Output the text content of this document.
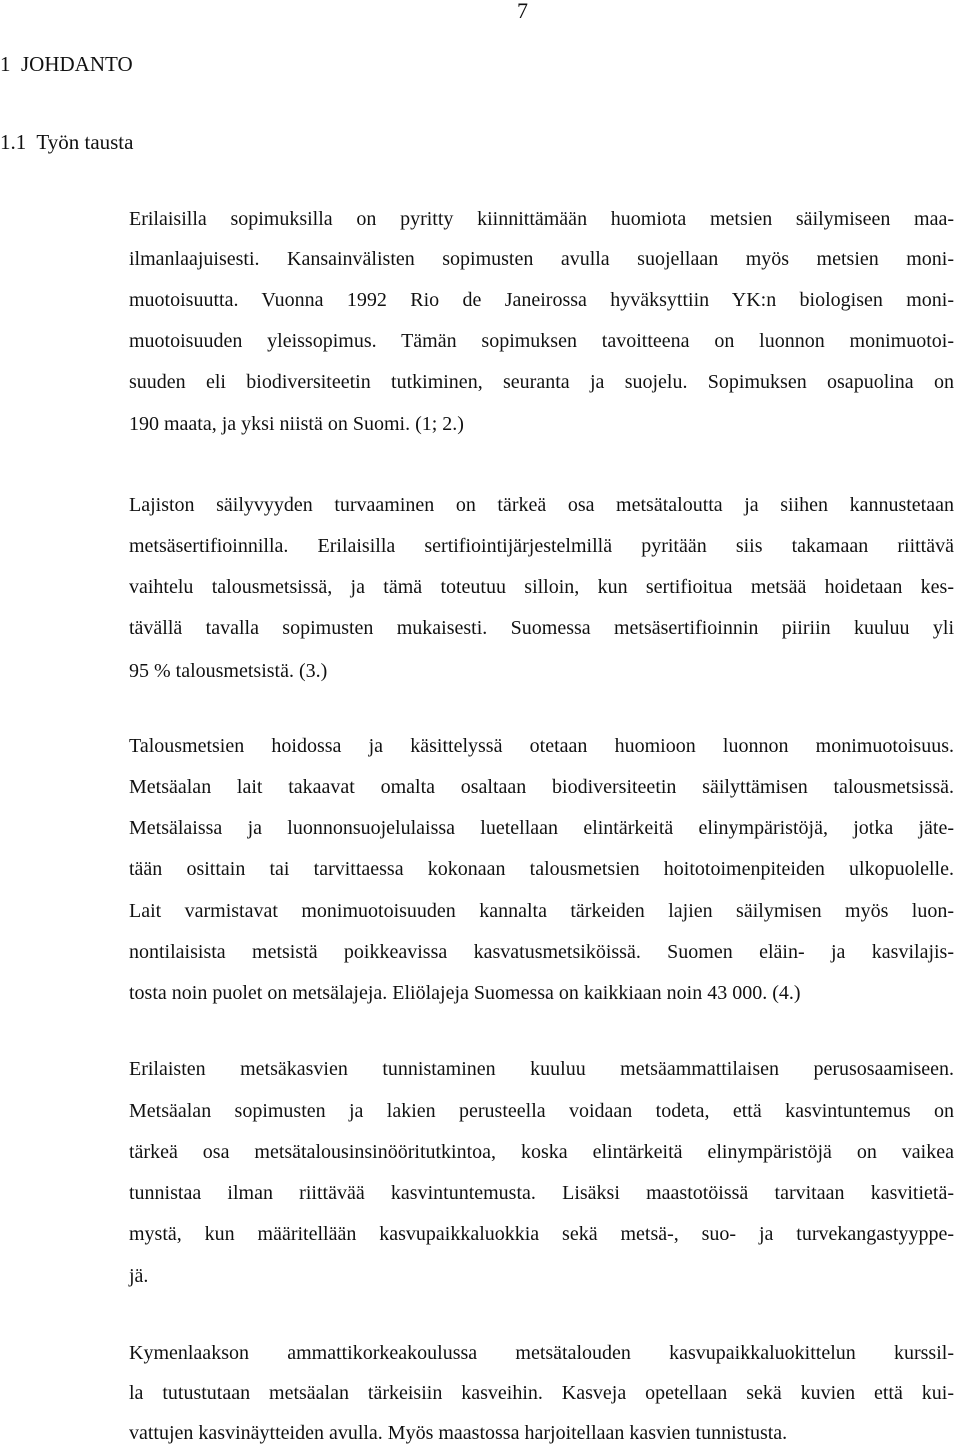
7
1  JOHDANTO
1.1  Työn tausta
Erilaisilla sopimuksilla on pyritty kiinnittämään huomiota metsien säilymiseen maa-
ilmanlaajuisesti. Kansainvälisten sopimusten avulla suojellaan myös metsien moni-
muotoisuutta. Vuonna 1992 Rio de Janeirossa hyväksyttiin YK:n biologisen moni-
muotoisuuden yleissopimus. Tämän sopimuksen tavoitteena on luonnon monimuotoi-
suuden eli biodiversiteetin tutkiminen, seuranta ja suojelu. Sopimuksen osapuolina on
190 maata, ja yksi niistä on Suomi. (1; 2.)
Lajiston säilyvyyden turvaaminen on tärkeä osa metsätaloutta ja siihen kannustetaan
metsäsertifioinnilla. Erilaisilla sertifiointijärjestelmillä pyritään siis takamaan riittävä
vaihtelu talousmetsissä, ja tämä toteutuu silloin, kun sertifioitua metsää hoidetaan kes-
tävällä tavalla sopimusten mukaisesti. Suomessa metsäsertifioinnin piiriin kuuluu yli
95 % talousmetsistä. (3.)
Talousmetsien hoidossa ja käsittelyssä otetaan huomioon luonnon monimuotoisuus.
Metsäalan lait takaavat omalta osaltaan biodiversiteetin säilyttämisen talousmetsissä.
Metsälaissa ja luonnonsuojelulaissa luetellaan elintärkeitä elinympäristöjä, jotka jäte-
tään osittain tai tarvittaessa kokonaan talousmetsien hoitotoimenpiteiden ulkopuolelle.
Lait varmistavat monimuotoisuuden kannalta tärkeiden lajien säilymisen myös luon-
nontilaisista metsistä poikkeavissa kasvatusmetsiköissä. Suomen eläin- ja kasvilajis-
tosta noin puolet on metsälajeja. Eliölajeja Suomessa on kaikkiaan noin 43 000. (4.)
Erilaisten metsäkasvien tunnistaminen kuuluu metsäammattilaisen perusosaamiseen.
Metsäalan sopimusten ja lakien perusteella voidaan todeta, että kasvintuntemus on
tärkeä osa metsätalousinsinööritutkintoa, koska elintärkeitä elinympäristöjä on vaikea
tunnistaa ilman riittävää kasvintuntemusta. Lisäksi maastotöissä tarvitaan kasvitietä-
mystä, kun määritellään kasvupaikkaluokkia sekä metsä-, suo- ja turvekangastyyppe-
jä.
Kymenlaakson ammattikorkeakoulussa metsätalouden kasvupaikkaluokittelun kurssil-
la tutustutaan metsäalan tärkeisiin kasveihin. Kasveja opetellaan sekä kuvien että kui-
vattujen kasvinäytteiden avulla. Myös maastossa harjoitellaan kasvien tunnistusta.
